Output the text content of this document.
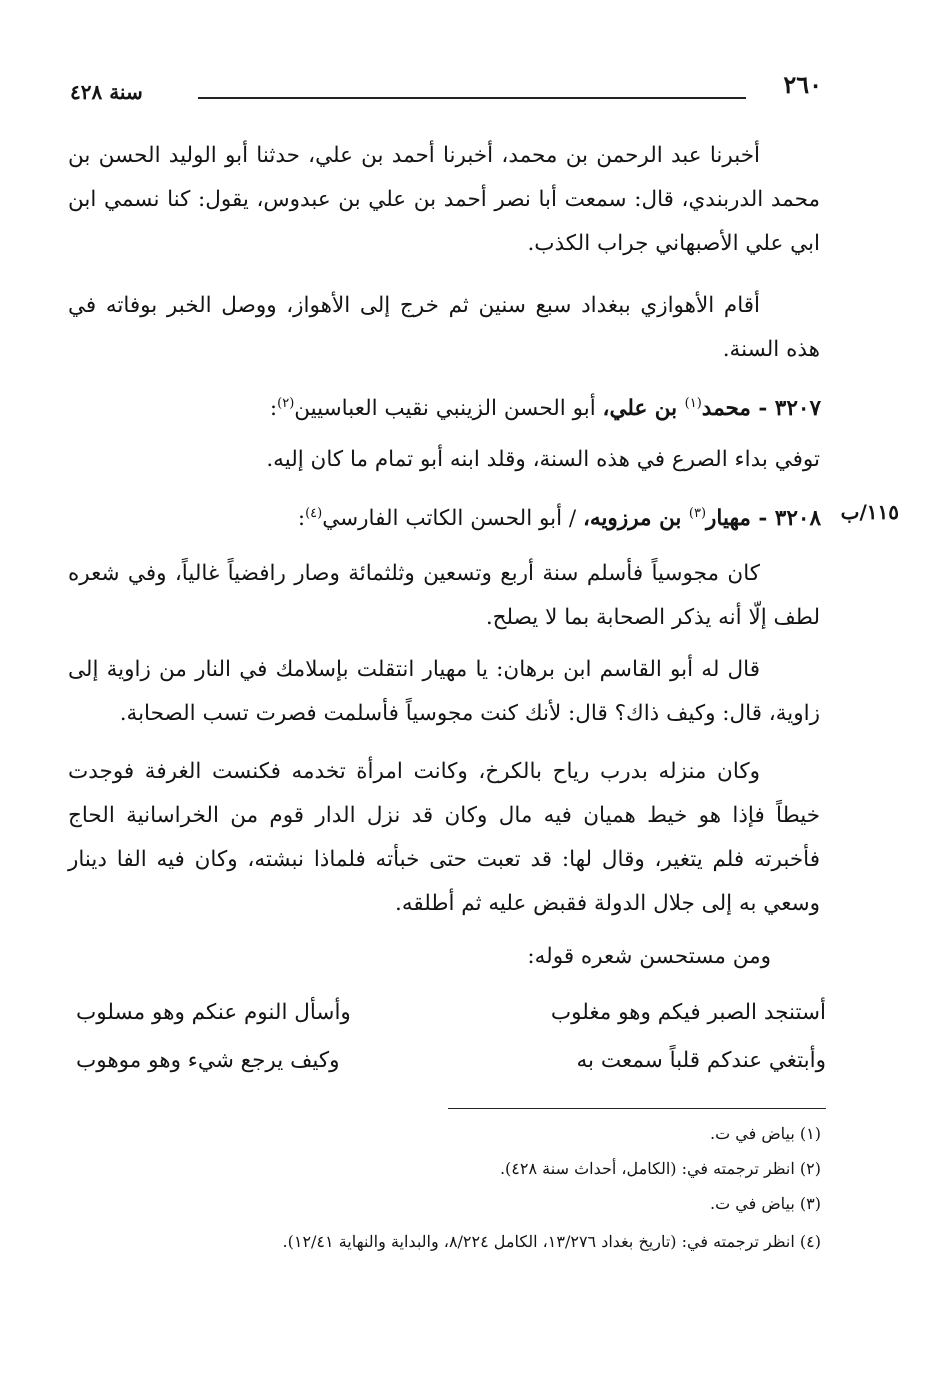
٢٦٠
سنة ٤٢٨

أخبرنا عبد الرحمن بن محمد، أخبرنا أحمد بن علي، حدثنا أبو الوليد الحسن بن محمد الدربندي، قال: سمعت أبا نصر أحمد بن علي بن عبدوس، يقول: كنا نسمي ابن ابي علي الأصبهاني جراب الكذب.

أقام الأهوازي ببغداد سبع سنين ثم خرج إلى الأهواز، ووصل الخبر بوفاته في هذه السنة.

٣٢٠٧ - محمد$^{(١)}$ بن علي، أبو الحسن الزينبي نقيب العباسيين$^{(٢)}$:

توفي بداء الصرع في هذه السنة، وقلد ابنه أبو تمام ما كان إليه.

١١٥/ب

٣٢٠٨ - مهيار$^{(٣)}$ بن مرزويه، / أبو الحسن الكاتب الفارسي$^{(٤)}$:

كان مجوسياً فأسلم سنة أربع وتسعين وثلثمائة وصار رافضياً غالياً، وفي شعره لطف إلّا أنه يذكر الصحابة بما لا يصلح.

قال له أبو القاسم ابن برهان: يا مهيار انتقلت بإسلامك في النار من زاوية إلى زاوية، قال: وكيف ذاك؟ قال: لأنك كنت مجوسياً فأسلمت فصرت تسب الصحابة.

وكان منزله بدرب رياح بالكرخ، وكانت امرأة تخدمه فكنست الغرفة فوجدت خيطاً فإذا هو خيط هميان فيه مال وكان قد نزل الدار قوم من الخراسانية الحاج فأخبرته فلم يتغير، وقال لها: قد تعبت حتى خبأته فلماذا نبشته، وكان فيه الفا دينار وسعي به إلى جلال الدولة فقبض عليه ثم أطلقه.

ومن مستحسن شعره قوله:

أستنجد الصبر فيكم وهو مغلوب
وأسأل النوم عنكم وهو مسلوب
وأبتغي عندكم قلباً سمعت به
وكيف يرجع شيء وهو موهوب
(١) بياض في ت.
(٢) انظر ترجمته في: (الكامل، أحداث سنة ٤٢٨).
(٣) بياض في ت.
(٤) انظر ترجمته في: (تاريخ بغداد ١٣/٢٧٦، الكامل ٨/٢٢٤، والبداية والنهاية ١٢/٤١).
